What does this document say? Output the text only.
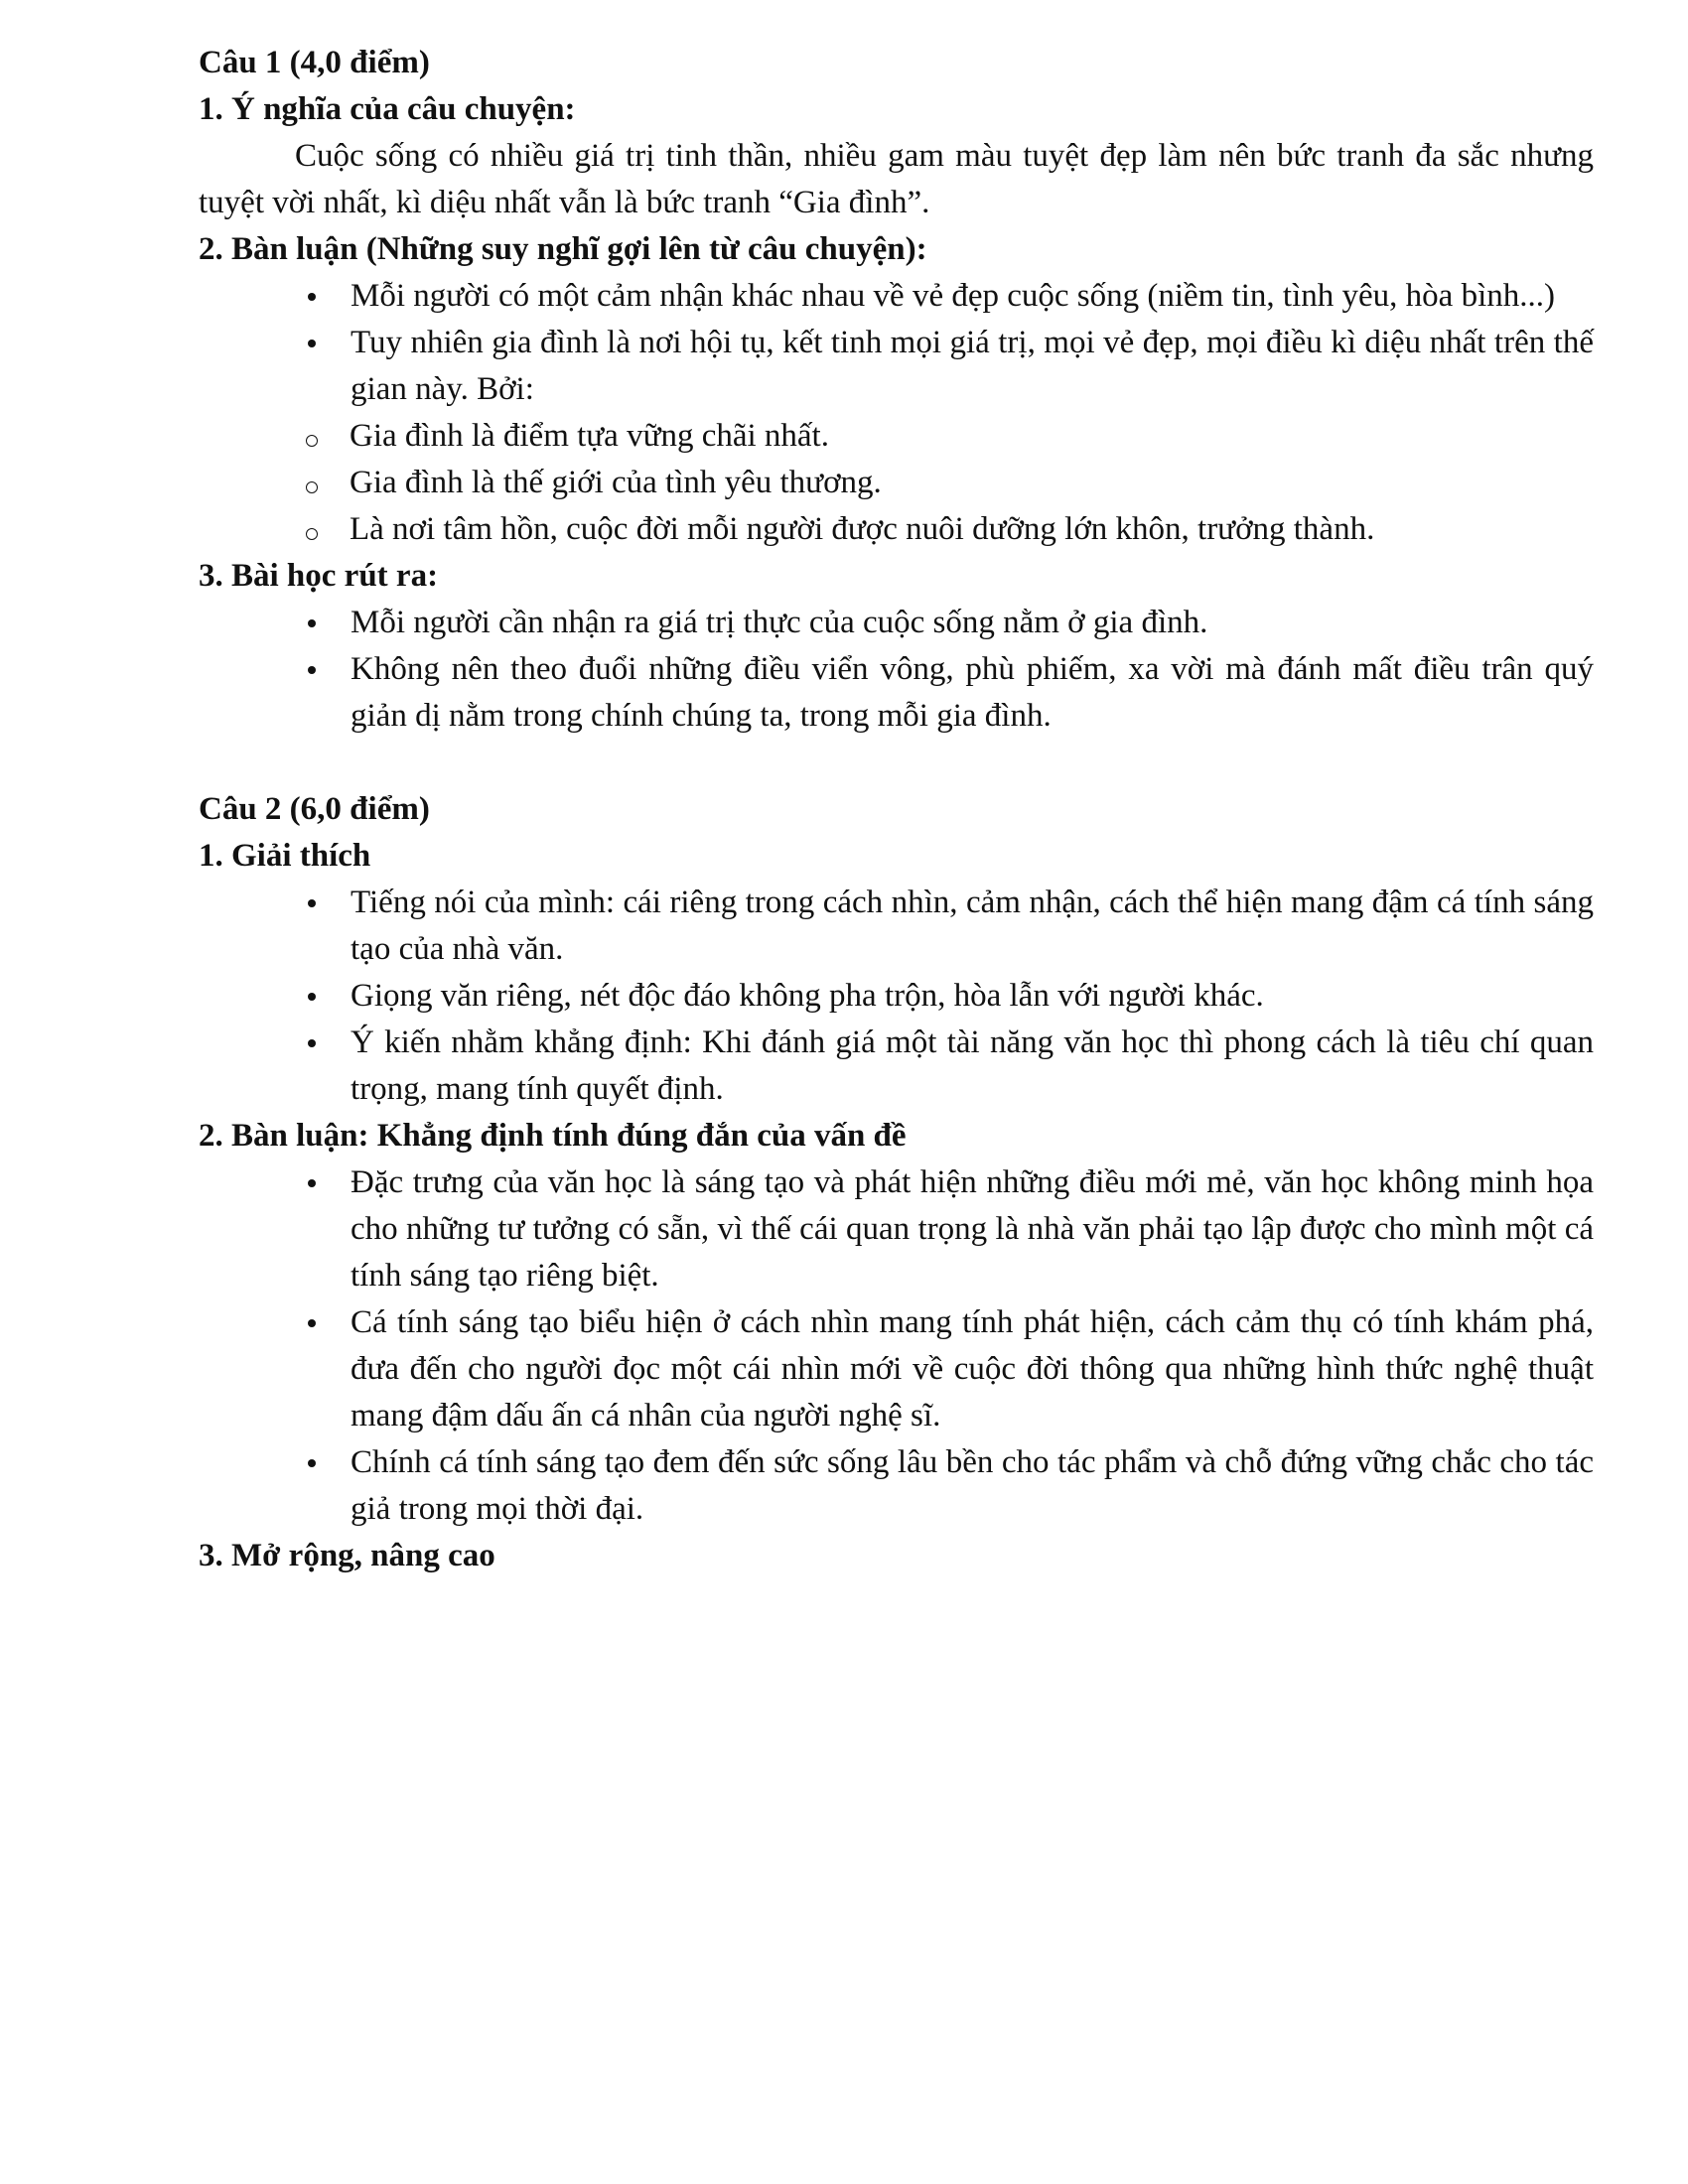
Câu 1 (4,0 điểm)

1. Ý nghĩa của câu chuyện:

Cuộc sống có nhiều giá trị tinh thần, nhiều gam màu tuyệt đẹp làm nên bức tranh đa sắc nhưng tuyệt vời nhất, kì diệu nhất vẫn là bức tranh “Gia đình”.

2. Bàn luận (Những suy nghĩ gợi lên từ câu chuyện):

Mỗi người có một cảm nhận khác nhau về vẻ đẹp cuộc sống (niềm tin, tình yêu, hòa bình...)
Tuy nhiên gia đình là nơi hội tụ, kết tinh mọi giá trị, mọi vẻ đẹp, mọi điều kì diệu nhất trên thế gian này. Bởi:
Gia đình là điểm tựa vững chãi nhất.
Gia đình là thế giới của tình yêu thương.
Là nơi tâm hồn, cuộc đời mỗi người được nuôi dưỡng lớn khôn, trưởng thành.

3. Bài học rút ra:

Mỗi người cần nhận ra giá trị thực của cuộc sống nằm ở gia đình.
Không nên theo đuổi những điều viển vông, phù phiếm, xa vời mà đánh mất điều trân quý giản dị nằm trong chính chúng ta, trong mỗi gia đình.

Câu 2 (6,0 điểm)

1. Giải thích

Tiếng nói của mình: cái riêng trong cách nhìn, cảm nhận, cách thể hiện mang đậm cá tính sáng tạo của nhà văn.
Giọng văn riêng, nét độc đáo không pha trộn, hòa lẫn với người khác.
Ý kiến nhằm khẳng định: Khi đánh giá một tài năng văn học thì phong cách là tiêu chí quan trọng, mang tính quyết định.

2. Bàn luận: Khẳng định tính đúng đắn của vấn đề

Đặc trưng của văn học là sáng tạo và phát hiện những điều mới mẻ, văn học không minh họa cho những tư tưởng có sẵn, vì thế cái quan trọng là nhà văn phải tạo lập được cho mình một cá tính sáng tạo riêng biệt.
Cá tính sáng tạo biểu hiện ở cách nhìn mang tính phát hiện, cách cảm thụ có tính khám phá, đưa đến cho người đọc một cái nhìn mới về cuộc đời thông qua những hình thức nghệ thuật mang đậm dấu ấn cá nhân của người nghệ sĩ.
Chính cá tính sáng tạo đem đến sức sống lâu bền cho tác phẩm và chỗ đứng vững chắc cho tác giả trong mọi thời đại.

3. Mở rộng, nâng cao
